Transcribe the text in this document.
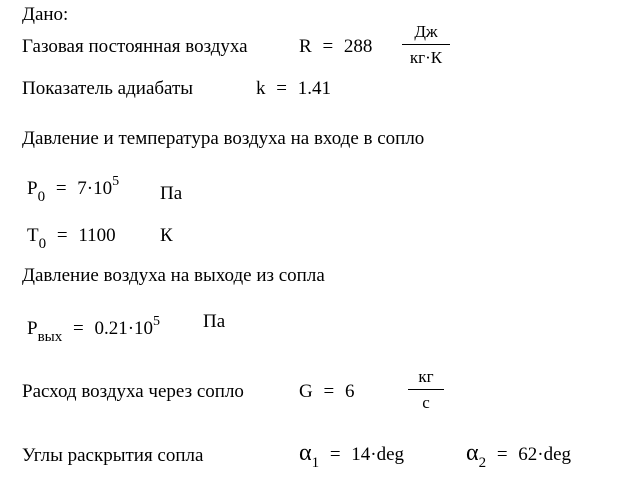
Дано:
Газовая постоянная воздуха	R = 288
Дж
кг·К
Показатель адиабаты	k = 1.41
Давление и температура воздуха на входе в сопло
$P_0 = 7\cdot 10^5$
Па
$T_0 = 1100$ К
Давление воздуха на выходе из сопла
$P_{вых} = 0.21\cdot 10^5$ Па
Расход воздуха через сопло	G = 6
кг
с
Углы раскрытия сопла	$\alpha_1 = 14\cdot deg$	$\alpha_2 = 62\cdot deg$
